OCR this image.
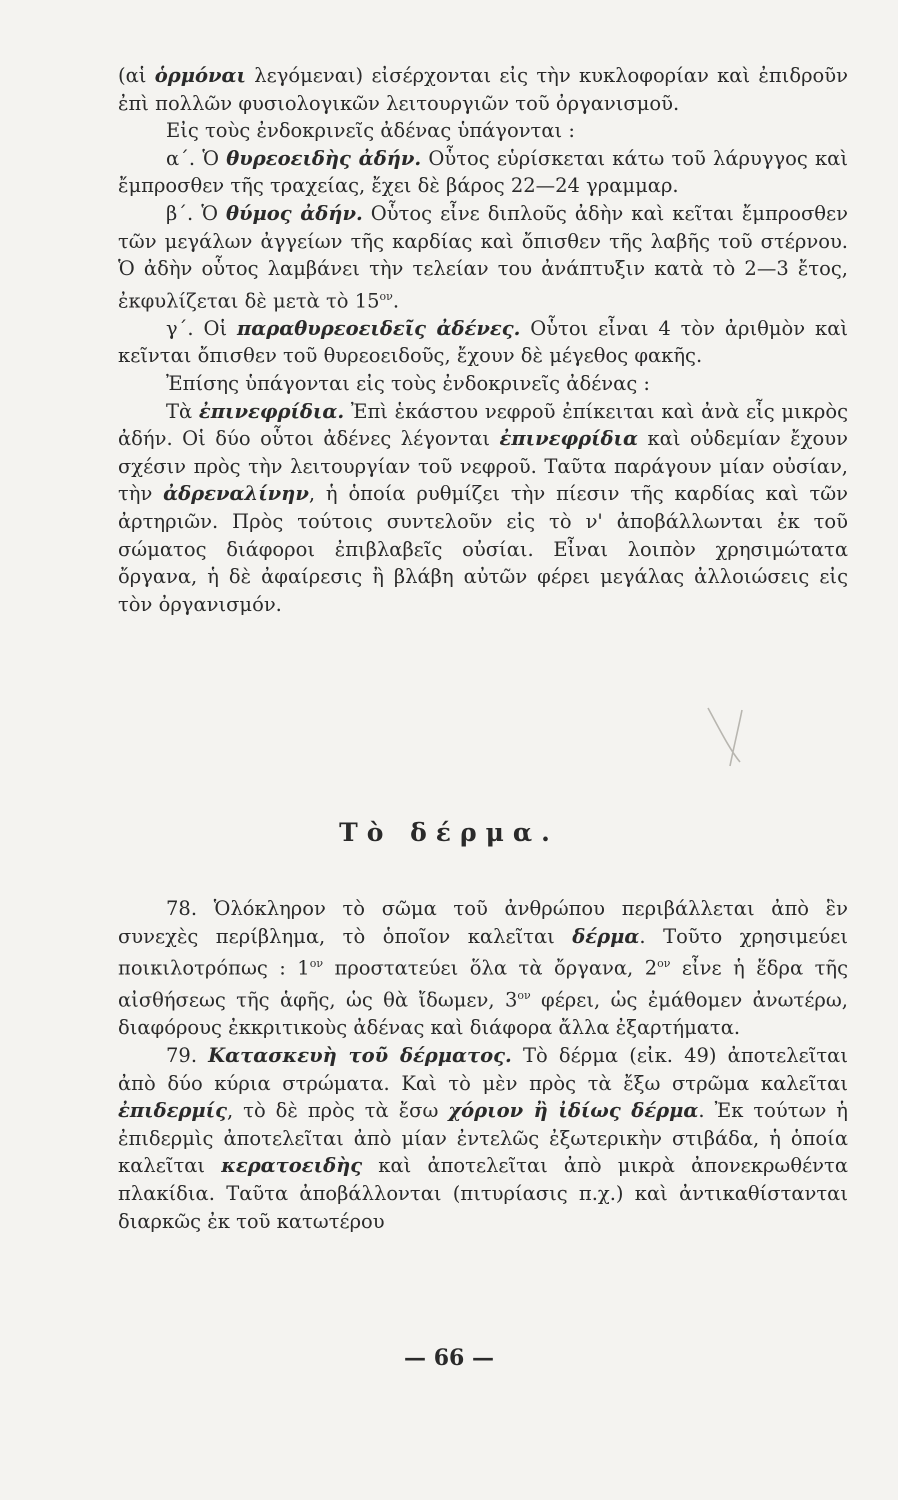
(αἱ ὁρμόναι λεγόμεναι) εἰσέρχονται εἰς τὴν κυκλοφορίαν καὶ ἐπιδροῦν ἐπὶ πολλῶν φυσιολογικῶν λειτουργιῶν τοῦ ὀργανισμοῦ.

Εἰς τοὺς ἐνδοκρινεῖς ἀδένας ὑπάγονται :

α΄. Ὁ θυρεοειδὴς ἀδήν. Οὗτος εὑρίσκεται κάτω τοῦ λάρυγγος καὶ ἔμπροσθεν τῆς τραχείας, ἔχει δὲ βάρος 22—24 γραμμαρ.

β΄. Ὁ θύμος ἀδήν. Οὗτος εἶνε διπλοῦς ἀδὴν καὶ κεῖται ἔμπροσθεν τῶν μεγάλων ἀγγείων τῆς καρδίας καὶ ὄπισθεν τῆς λαβῆς τοῦ στέρνου. Ὁ ἀδὴν οὗτος λαμβάνει τὴν τελείαν του ἀνάπτυξιν κατὰ τὸ 2—3 ἔτος, ἐκφυλίζεται δὲ μετὰ τὸ $15^{o\nu}$.

γ΄. Οἱ παραθυρεοειδεῖς ἀδένες. Οὗτοι εἶναι 4 τὸν ἀριθμὸν καὶ κεῖνται ὄπισθεν τοῦ θυρεοειδοῦς, ἔχουν δὲ μέγεθος φακῆς.

Ἐπίσης ὑπάγονται εἰς τοὺς ἐνδοκρινεῖς ἀδένας :

Τὰ ἐπινεφρίδια. Ἐπὶ ἑκάστου νεφροῦ ἐπίκειται καὶ ἀνὰ εἷς μικρὸς ἀδήν. Οἱ δύο οὗτοι ἀδένες λέγονται ἐπινεφρίδια καὶ οὐδεμίαν ἔχουν σχέσιν πρὸς τὴν λειτουργίαν τοῦ νεφροῦ. Ταῦτα παράγουν μίαν οὐσίαν, τὴν ἀδρεναλίνην, ἡ ὁποία ρυθμίζει τὴν πίεσιν τῆς καρδίας καὶ τῶν ἀρτηριῶν. Πρὸς τούτοις συντελοῦν εἰς τὸ ν' ἀποβάλλωνται ἐκ τοῦ σώματος διάφοροι ἐπιβλαβεῖς οὐσίαι. Εἶναι λοιπὸν χρησιμώτατα ὄργανα, ἡ δὲ ἀφαίρεσις ἢ βλάβη αὐτῶν φέρει μεγάλας ἀλλοιώσεις εἰς τὸν ὀργανισμόν.

Τὸ δέρμα.

78. Ὁλόκληρον τὸ σῶμα τοῦ ἀνθρώπου περιβάλλεται ἀπὸ ἓν συνεχὲς περίβλημα, τὸ ὁποῖον καλεῖται δέρμα. Τοῦτο χρησιμεύει ποικιλοτρόπως : $1^{o\nu}$ προστατεύει ὅλα τὰ ὄργανα, $2^{o\nu}$ εἶνε ἡ ἕδρα τῆς αἰσθήσεως τῆς ἁφῆς, ὡς θὰ ἴδωμεν, $3^{o\nu}$ φέρει, ὡς ἐμάθομεν ἀνωτέρω, διαφόρους ἐκκριτικοὺς ἀδένας καὶ διάφορα ἄλλα ἐξαρτήματα.

79. Κατασκευὴ τοῦ δέρματος. Τὸ δέρμα (εἰκ. 49) ἀποτελεῖται ἀπὸ δύο κύρια στρώματα. Καὶ τὸ μὲν πρὸς τὰ ἔξω στρῶμα καλεῖται ἐπιδερμίς, τὸ δὲ πρὸς τὰ ἔσω χόριον ἢ ἰδίως δέρμα. Ἐκ τούτων ἡ ἐπιδερμὶς ἀποτελεῖται ἀπὸ μίαν ἐντελῶς ἐξωτερικὴν στιβάδα, ἡ ὁποία καλεῖται κερατοειδὴς καὶ ἀποτελεῖται ἀπὸ μικρὰ ἀπονεκρωθέντα πλακίδια. Ταῦτα ἀποβάλλονται (πιτυρίασις π.χ.) καὶ ἀντικαθίστανται διαρκῶς ἐκ τοῦ κατωτέρου

— 66 —
